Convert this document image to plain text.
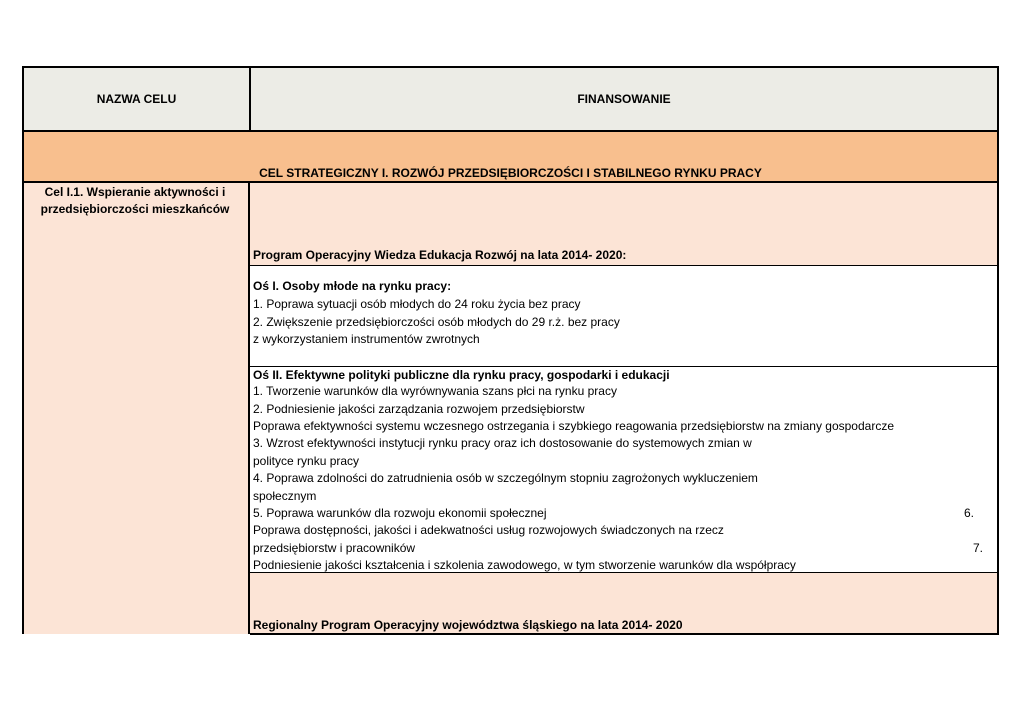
NAZWA CELU	FINANSOWANIE
CEL STRATEGICZNY I. ROZWÓJ PRZEDSIĘBIORCZOŚCI I STABILNEGO RYNKU PRACY
Cel I.1. Wspieranie aktywności i
przedsiębiorczości mieszkańców
Program Operacyjny Wiedza Edukacja Rozwój na lata 2014- 2020:
Oś I. Osoby młode na rynku pracy:
1. Poprawa sytuacji osób młodych do 24 roku życia bez pracy
2. Zwiększenie przedsiębiorczości osób młodych do 29 r.ż. bez pracy
z wykorzystaniem instrumentów zwrotnych
Oś II. Efektywne polityki publiczne dla rynku pracy, gospodarki i edukacji
1. Tworzenie warunków dla wyrównywania szans płci na rynku pracy
2. Podniesienie jakości zarządzania rozwojem przedsiębiorstw
Poprawa efektywności systemu wczesnego ostrzegania i szybkiego reagowania przedsiębiorstw na zmiany gospodarcze
3. Wzrost efektywności instytucji rynku pracy oraz ich dostosowanie do systemowych zmian w
polityce rynku pracy
4. Poprawa zdolności do zatrudnienia osób w szczególnym stopniu zagrożonych wykluczeniem
społecznym
5. Poprawa warunków dla rozwoju ekonomii społecznej	6.
Poprawa dostępności, jakości i adekwatności usług rozwojowych świadczonych na rzecz
przedsiębiorstw i pracowników	7.
Podniesienie jakości kształcenia i szkolenia zawodowego, w tym stworzenie warunków dla współpracy
Regionalny Program Operacyjny województwa śląskiego na lata 2014- 2020
